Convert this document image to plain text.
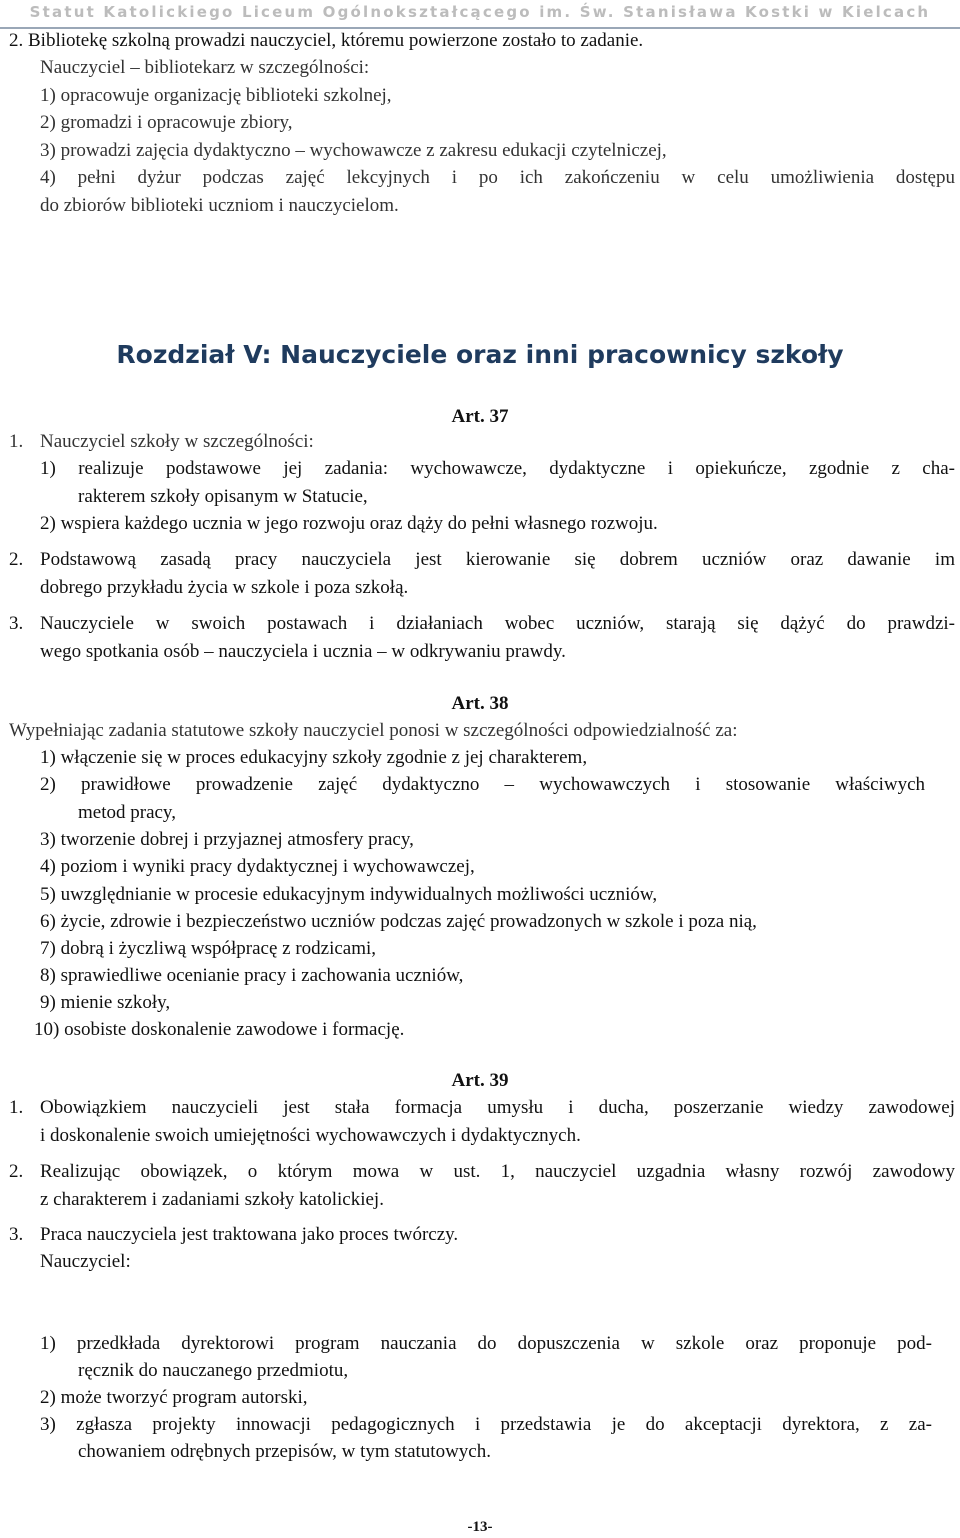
Statut Katolickiego Liceum Ogólnokształcącego im. Św. Stanisława Kostki w Kielcach
2. Bibliotekę szkolną prowadzi nauczyciel, któremu powierzone zostało to zadanie.
Nauczyciel – bibliotekarz w szczególności:
1) opracowuje organizację biblioteki szkolnej,
2) gromadzi i opracowuje zbiory,
3) prowadzi zajęcia dydaktyczno – wychowawcze z zakresu edukacji czytelniczej,
4) pełni dyżur podczas zajęć lekcyjnych i po ich zakończeniu w celu umożliwienia dostępu
do zbiorów biblioteki uczniom i nauczycielom.
Rozdział V: Nauczyciele oraz inni pracownicy szkoły
Art. 37
1. Nauczyciel szkoły w szczególności:
1) realizuje podstawowe jej zadania: wychowawcze, dydaktyczne i opiekuńcze, zgodnie z cha-
rakterem szkoły opisanym w Statucie,
2) wspiera każdego ucznia w jego rozwoju oraz dąży do pełni własnego rozwoju.
2. Podstawową zasadą pracy nauczyciela jest kierowanie się dobrem uczniów oraz dawanie im
dobrego przykładu życia w szkole i poza szkołą.
3. Nauczyciele w swoich postawach i działaniach wobec uczniów, starają się dążyć do prawdzi-
wego spotkania osób – nauczyciela i ucznia – w odkrywaniu prawdy.
Art. 38
Wypełniając zadania statutowe szkoły nauczyciel ponosi w szczególności odpowiedzialność za:
1) włączenie się w proces edukacyjny szkoły zgodnie z jej charakterem,
2) prawidłowe prowadzenie zajęć dydaktyczno – wychowawczych i stosowanie właściwych
metod pracy,
3) tworzenie dobrej i przyjaznej atmosfery pracy,
4) poziom i wyniki pracy dydaktycznej i wychowawczej,
5) uwzględnianie w procesie edukacyjnym indywidualnych możliwości uczniów,
6) życie, zdrowie i bezpieczeństwo uczniów podczas zajęć prowadzonych w szkole i poza nią,
7) dobrą i życzliwą współpracę z rodzicami,
8) sprawiedliwe ocenianie pracy i zachowania uczniów,
9) mienie szkoły,
10) osobiste doskonalenie zawodowe i formację.
Art. 39
1. Obowiązkiem nauczycieli jest stała formacja umysłu i ducha, poszerzanie wiedzy zawodowej
i doskonalenie swoich umiejętności wychowawczych i dydaktycznych.
2. Realizując obowiązek, o którym mowa w ust. 1, nauczyciel uzgadnia własny rozwój zawodowy
z charakterem i zadaniami szkoły katolickiej.
3. Praca nauczyciela jest traktowana jako proces twórczy.
Nauczyciel:
1) przedkłada dyrektorowi program nauczania do dopuszczenia w szkole oraz proponuje pod-
ręcznik do nauczanego przedmiotu,
2) może tworzyć program autorski,
3) zgłasza projekty innowacji pedagogicznych i przedstawia je do akceptacji dyrektora, z za-
chowaniem odrębnych przepisów, w tym statutowych.
-13-
